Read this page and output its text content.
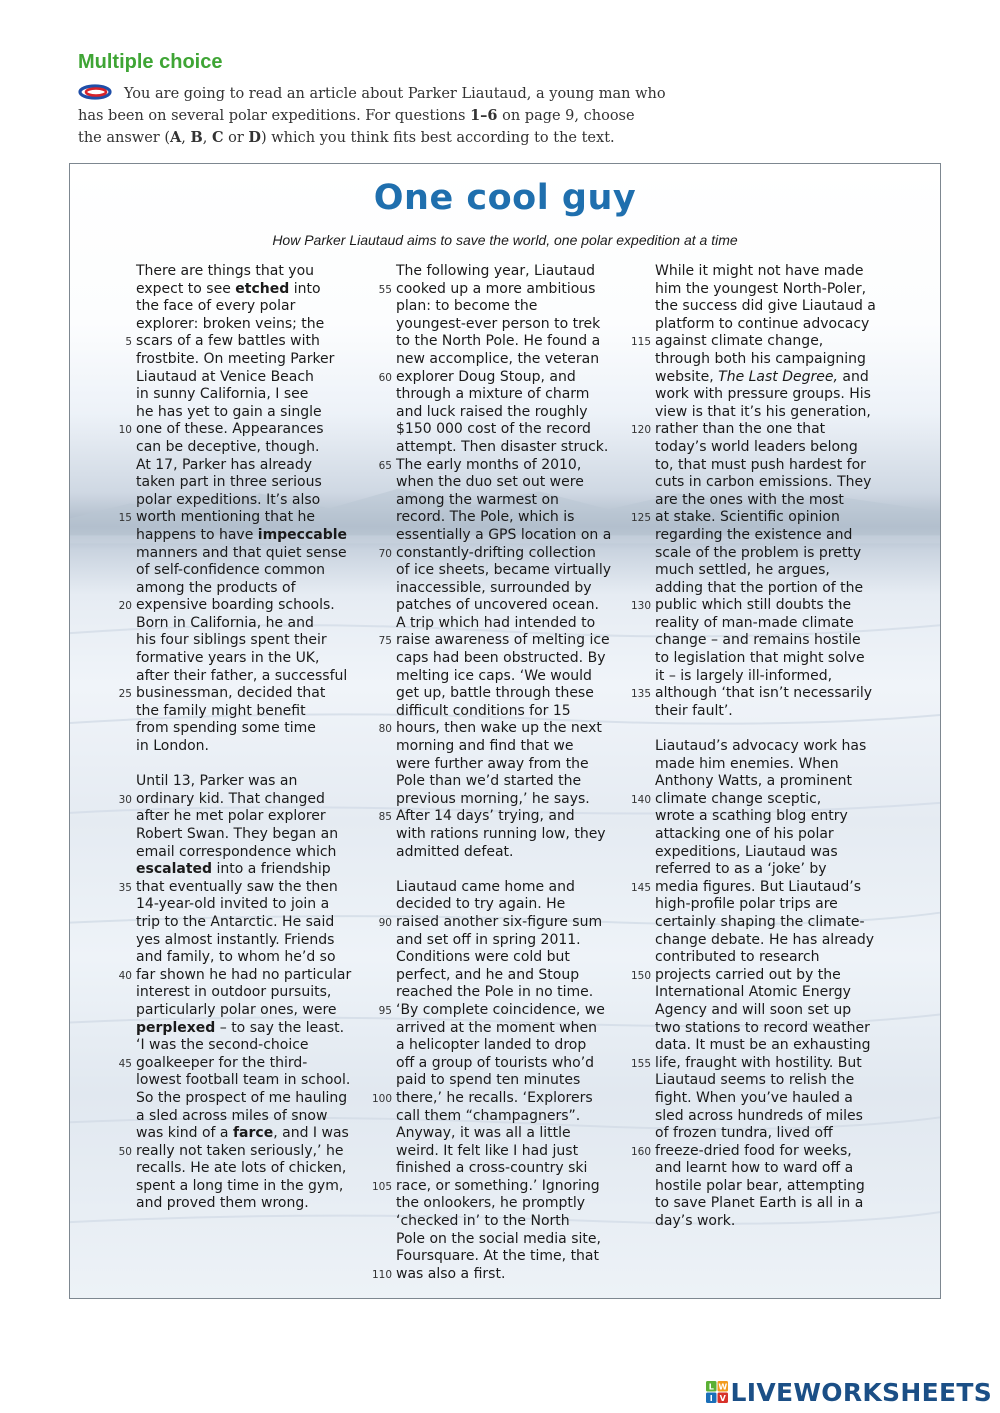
Multiple choice
You are going to read an article about Parker Liautaud, a young man who
has been on several polar expeditions. For questions 1–6 on page 9, choose
the answer (A, B, C or D) which you think fits best according to the text.
One cool guy
How Parker Liautaud aims to save the world, one polar expedition at a time
There are things that you
expect to see etched into
the face of every polar
explorer: broken veins; the
5 scars of a few battles with
frostbite. On meeting Parker
Liautaud at Venice Beach
in sunny California, I see
he has yet to gain a single
10 one of these. Appearances
can be deceptive, though.
At 17, Parker has already
taken part in three serious
polar expeditions. It’s also
15 worth mentioning that he
happens to have impeccable
manners and that quiet sense
of self-confidence common
among the products of
20 expensive boarding schools.
Born in California, he and
his four siblings spent their
formative years in the UK,
after their father, a successful
25 businessman, decided that
the family might benefit
from spending some time
in London.
Until 13, Parker was an
30 ordinary kid. That changed
after he met polar explorer
Robert Swan. They began an
email correspondence which
escalated into a friendship
35 that eventually saw the then
14-year-old invited to join a
trip to the Antarctic. He said
yes almost instantly. Friends
and family, to whom he’d so
40 far shown he had no particular
interest in outdoor pursuits,
particularly polar ones, were
perplexed – to say the least.
‘I was the second-choice
45 goalkeeper for the third-
lowest football team in school.
So the prospect of me hauling
a sled across miles of snow
was kind of a farce, and I was
50 really not taken seriously,’ he
recalls. He ate lots of chicken,
spent a long time in the gym,
and proved them wrong.
The following year, Liautaud
55 cooked up a more ambitious
plan: to become the
youngest-ever person to trek
to the North Pole. He found a
new accomplice, the veteran
60 explorer Doug Stoup, and
through a mixture of charm
and luck raised the roughly
$150 000 cost of the record
attempt. Then disaster struck.
65 The early months of 2010,
when the duo set out were
among the warmest on
record. The Pole, which is
essentially a GPS location on a
70 constantly-drifting collection
of ice sheets, became virtually
inaccessible, surrounded by
patches of uncovered ocean.
A trip which had intended to
75 raise awareness of melting ice
caps had been obstructed. By
melting ice caps. ‘We would
get up, battle through these
difficult conditions for 15
80 hours, then wake up the next
morning and find that we
were further away from the
Pole than we’d started the
previous morning,’ he says.
85 After 14 days’ trying, and
with rations running low, they
admitted defeat.
Liautaud came home and
decided to try again. He
90 raised another six-figure sum
and set off in spring 2011.
Conditions were cold but
perfect, and he and Stoup
reached the Pole in no time.
95 ‘By complete coincidence, we
arrived at the moment when
a helicopter landed to drop
off a group of tourists who’d
paid to spend ten minutes
100 there,’ he recalls. ‘Explorers
call them “champagners”.
Anyway, it was all a little
weird. It felt like I had just
finished a cross-country ski
105 race, or something.’ Ignoring
the onlookers, he promptly
‘checked in’ to the North
Pole on the social media site,
Foursquare. At the time, that
110 was also a first.
While it might not have made
him the youngest North-Poler,
the success did give Liautaud a
platform to continue advocacy
115 against climate change,
through both his campaigning
website, The Last Degree, and
work with pressure groups. His
view is that it’s his generation,
120 rather than the one that
today’s world leaders belong
to, that must push hardest for
cuts in carbon emissions. They
are the ones with the most
125 at stake. Scientific opinion
regarding the existence and
scale of the problem is pretty
much settled, he argues,
adding that the portion of the
130 public which still doubts the
reality of man-made climate
change – and remains hostile
to legislation that might solve
it – is largely ill-informed,
135 although ‘that isn’t necessarily
their fault’.
Liautaud’s advocacy work has
made him enemies. When
Anthony Watts, a prominent
140 climate change sceptic,
wrote a scathing blog entry
attacking one of his polar
expeditions, Liautaud was
referred to as a ‘joke’ by
145 media figures. But Liautaud’s
high-profile polar trips are
certainly shaping the climate-
change debate. He has already
contributed to research
150 projects carried out by the
International Atomic Energy
Agency and will soon set up
two stations to record weather
data. It must be an exhausting
155 life, fraught with hostility. But
Liautaud seems to relish the
fight. When you’ve hauled a
sled across hundreds of miles
of frozen tundra, lived off
160 freeze-dried food for weeks,
and learnt how to ward off a
hostile polar bear, attempting
to save Planet Earth is all in a
day’s work.
L W
I V LIVEWORKSHEETS
